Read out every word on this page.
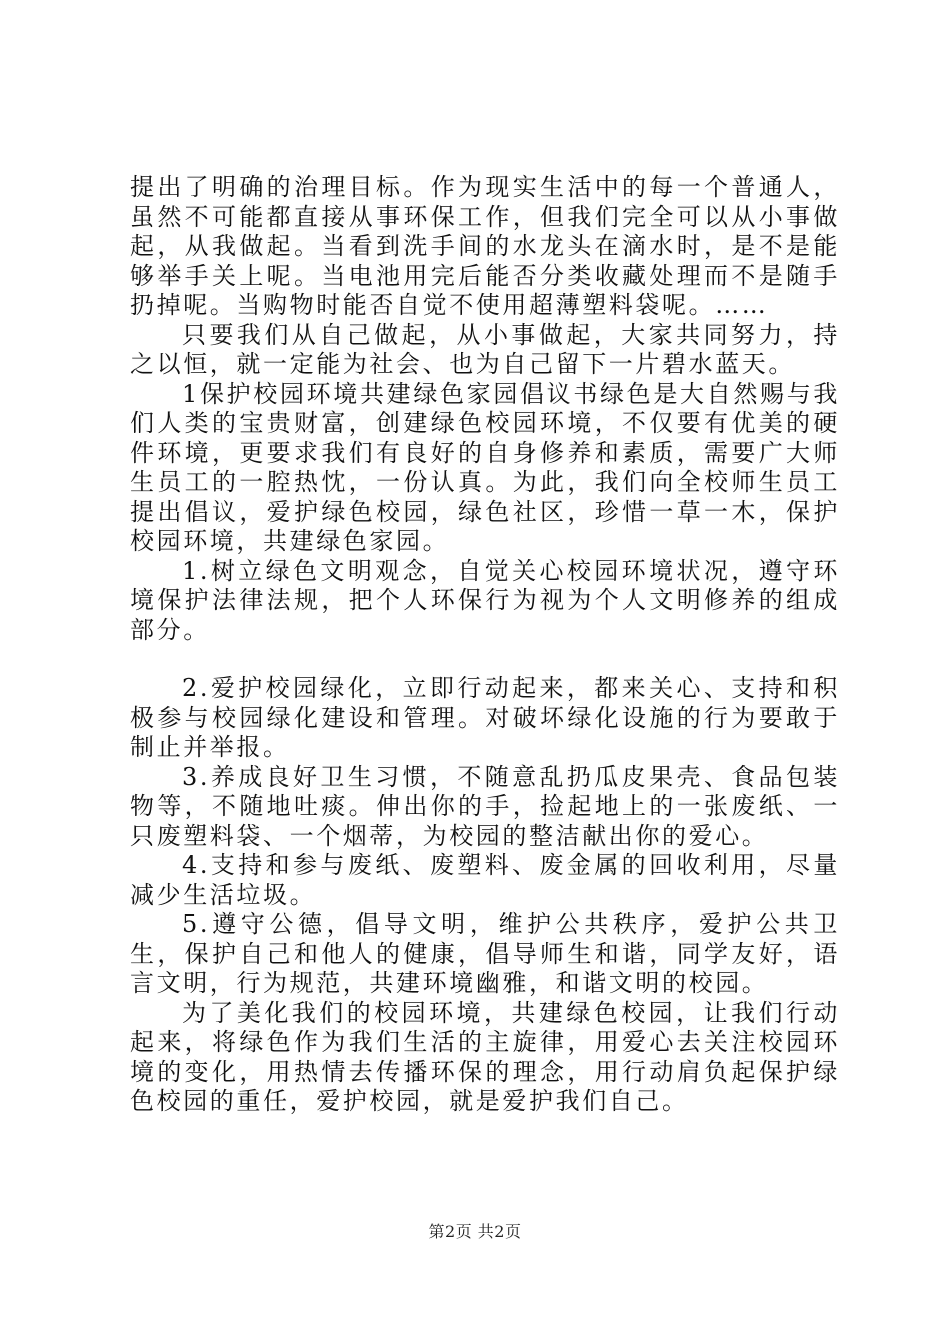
提出了明确的治理目标。作为现实生活中的每一个普通人，虽然不可能都直接从事环保工作，但我们完全可以从小事做起，从我做起。当看到洗手间的水龙头在滴水时，是不是能够举手关上呢。当电池用完后能否分类收藏处理而不是随手扔掉呢。当购物时能否自觉不使用超薄塑料袋呢。……

只要我们从自己做起，从小事做起，大家共同努力，持之以恒，就一定能为社会、也为自己留下一片碧水蓝天。

1保护校园环境共建绿色家园倡议书绿色是大自然赐与我们人类的宝贵财富，创建绿色校园环境，不仅要有优美的硬件环境，更要求我们有良好的自身修养和素质，需要广大师生员工的一腔热忱，一份认真。为此，我们向全校师生员工提出倡议，爱护绿色校园，绿色社区，珍惜一草一木，保护校园环境，共建绿色家园。

1.树立绿色文明观念，自觉关心校园环境状况，遵守环境保护法律法规，把个人环保行为视为个人文明修养的组成部分。

2.爱护校园绿化，立即行动起来，都来关心、支持和积极参与校园绿化建设和管理。对破坏绿化设施的行为要敢于制止并举报。

3.养成良好卫生习惯，不随意乱扔瓜皮果壳、食品包装物等，不随地吐痰。伸出你的手，捡起地上的一张废纸、一只废塑料袋、一个烟蒂，为校园的整洁献出你的爱心。

4.支持和参与废纸、废塑料、废金属的回收利用，尽量减少生活垃圾。

5.遵守公德，倡导文明，维护公共秩序，爱护公共卫生，保护自己和他人的健康，倡导师生和谐，同学友好，语言文明，行为规范，共建环境幽雅，和谐文明的校园。

为了美化我们的校园环境，共建绿色校园，让我们行动起来，将绿色作为我们生活的主旋律，用爱心去关注校园环境的变化，用热情去传播环保的理念，用行动肩负起保护绿色校园的重任，爱护校园，就是爱护我们自己。

第2页 共2页
